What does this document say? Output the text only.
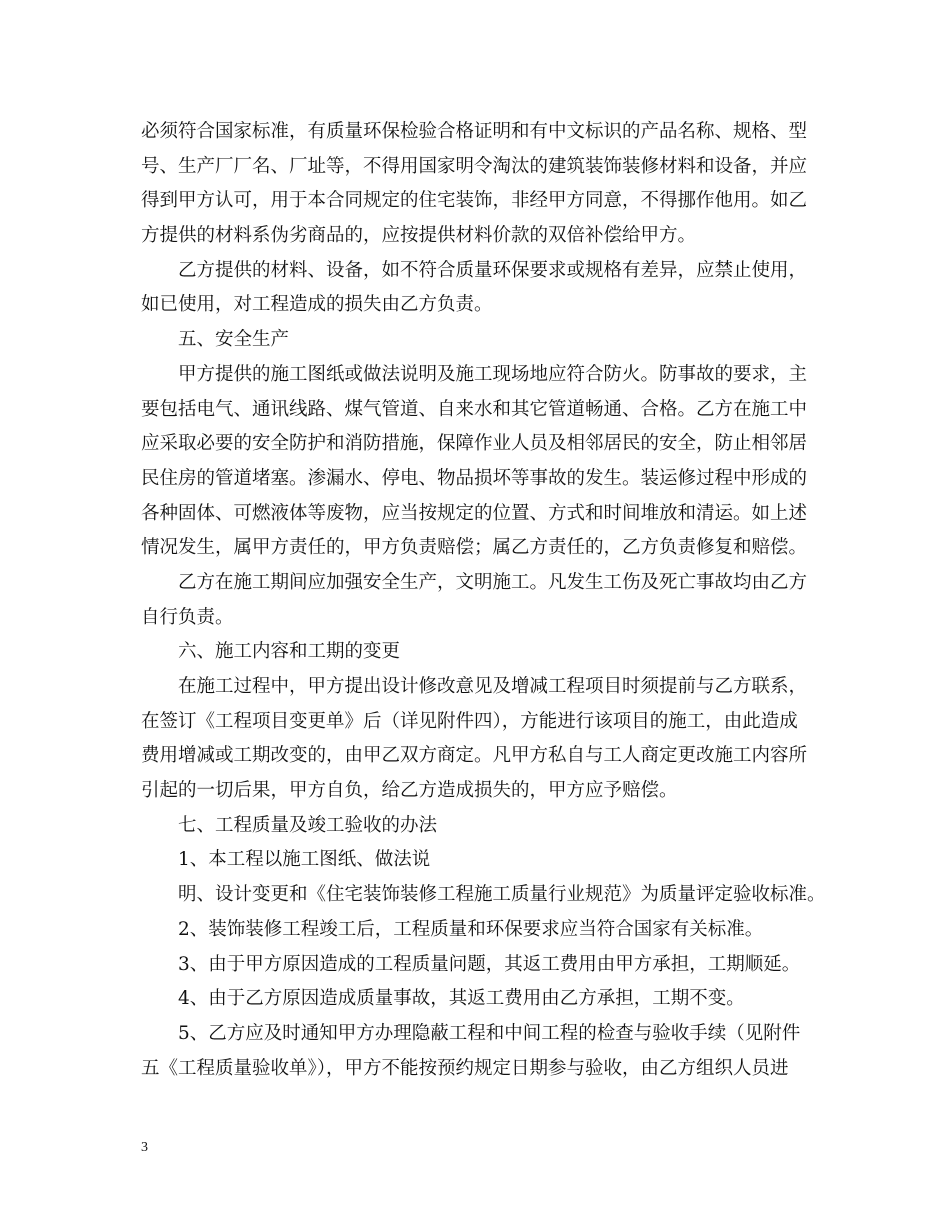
必须符合国家标准，有质量环保检验合格证明和有中文标识的产品名称、规格、型
号、生产厂厂名、厂址等，不得用国家明令淘汰的建筑装饰装修材料和设备，并应
得到甲方认可，用于本合同规定的住宅装饰，非经甲方同意，不得挪作他用。如乙
方提供的材料系伪劣商品的，应按提供材料价款的双倍补偿给甲方。
乙方提供的材料、设备，如不符合质量环保要求或规格有差异，应禁止使用，
如已使用，对工程造成的损失由乙方负责。
五、安全生产
甲方提供的施工图纸或做法说明及施工现场地应符合防火。防事故的要求，主
要包括电气、通讯线路、煤气管道、自来水和其它管道畅通、合格。乙方在施工中
应采取必要的安全防护和消防措施，保障作业人员及相邻居民的安全，防止相邻居
民住房的管道堵塞。渗漏水、停电、物品损坏等事故的发生。装运修过程中形成的
各种固体、可燃液体等废物，应当按规定的位置、方式和时间堆放和清运。如上述
情况发生，属甲方责任的，甲方负责赔偿；属乙方责任的，乙方负责修复和赔偿。
乙方在施工期间应加强安全生产，文明施工。凡发生工伤及死亡事故均由乙方
自行负责。
六、施工内容和工期的变更
在施工过程中，甲方提出设计修改意见及增减工程项目时须提前与乙方联系，
在签订《工程项目变更单》后（详见附件四），方能进行该项目的施工，由此造成
费用增减或工期改变的，由甲乙双方商定。凡甲方私自与工人商定更改施工内容所
引起的一切后果，甲方自负，给乙方造成损失的，甲方应予赔偿。
七、工程质量及竣工验收的办法
1、本工程以施工图纸、做法说
明、设计变更和《住宅装饰装修工程施工质量行业规范》为质量评定验收标准。
2、装饰装修工程竣工后，工程质量和环保要求应当符合国家有关标准。
3、由于甲方原因造成的工程质量问题，其返工费用由甲方承担，工期顺延。
4、由于乙方原因造成质量事故，其返工费用由乙方承担，工期不变。
5、乙方应及时通知甲方办理隐蔽工程和中间工程的检查与验收手续（见附件
五《工程质量验收单》），甲方不能按预约规定日期参与验收，由乙方组织人员进
3
